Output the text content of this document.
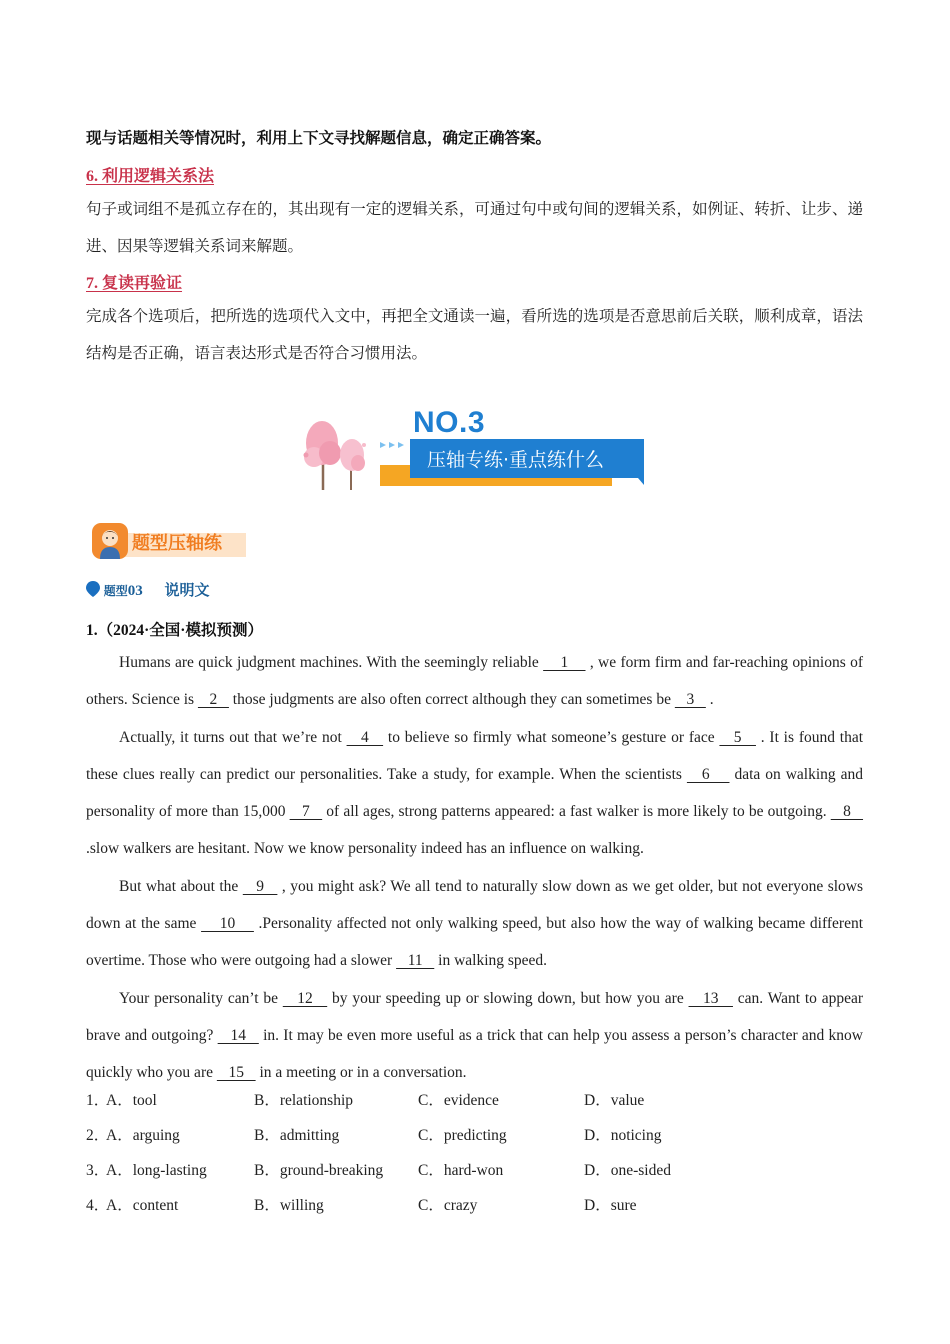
现与话题相关等情况时，利用上下文寻找解题信息，确定正确答案。
6. 利用逻辑关系法
句子或词组不是孤立存在的，其出现有一定的逻辑关系，可通过句中或句间的逻辑关系，如例证、转折、让步、递进、因果等逻辑关系词来解题。
7. 复读再验证
完成各个选项后，把所选的选项代入文中，再把全文通读一遍，看所选的选项是否意思前后关联，顺利成章，语法结构是否正确，语言表达形式是否符合习惯用法。
NO.3
压轴专练·重点练什么
题型压轴练
题型03 说明文
1.（2024·全国·模拟预测）

Humans are quick judgment machines. With the seemingly reliable     1     , we form firm and far-reaching opinions of others. Science is    2    those judgments are also often correct although they can sometimes be    3    .

Actually, it turns out that we’re not    4    to believe so firmly what someone’s gesture or face    5    . It is found that these clues really can predict our personalities. Take a study, for example. When the scientists    6     data on walking and personality of more than 15,000    7    of all ages, strong patterns appeared: a fast walker is more likely to be outgoing.    8    .slow walkers are hesitant. Now we know personality indeed has an influence on walking.

But what about the    9    , you might ask? We all tend to naturally slow down as we get older, but not everyone slows down at the same     10     .Personality affected not only walking speed, but also how the way of walking became different overtime. Those who were outgoing had a slower    11    in walking speed.

Your personality can’t be    12    by your speeding up or slowing down, but how you are    13    can. Want to appear brave and outgoing?    14    in. It may be even more useful as a trick that can help you assess a person’s character and know quickly who you are    15    in a meeting or in a conversation.

1．
A．tool	B．relationship	C．evidence	D．value
2．
A．arguing	B．admitting	C．predicting	D．noticing
3．
A．long-lasting	B．ground-breaking C．hard-won	D．one-sided
4．
A．content	B．willing	C．crazy	D．sure
